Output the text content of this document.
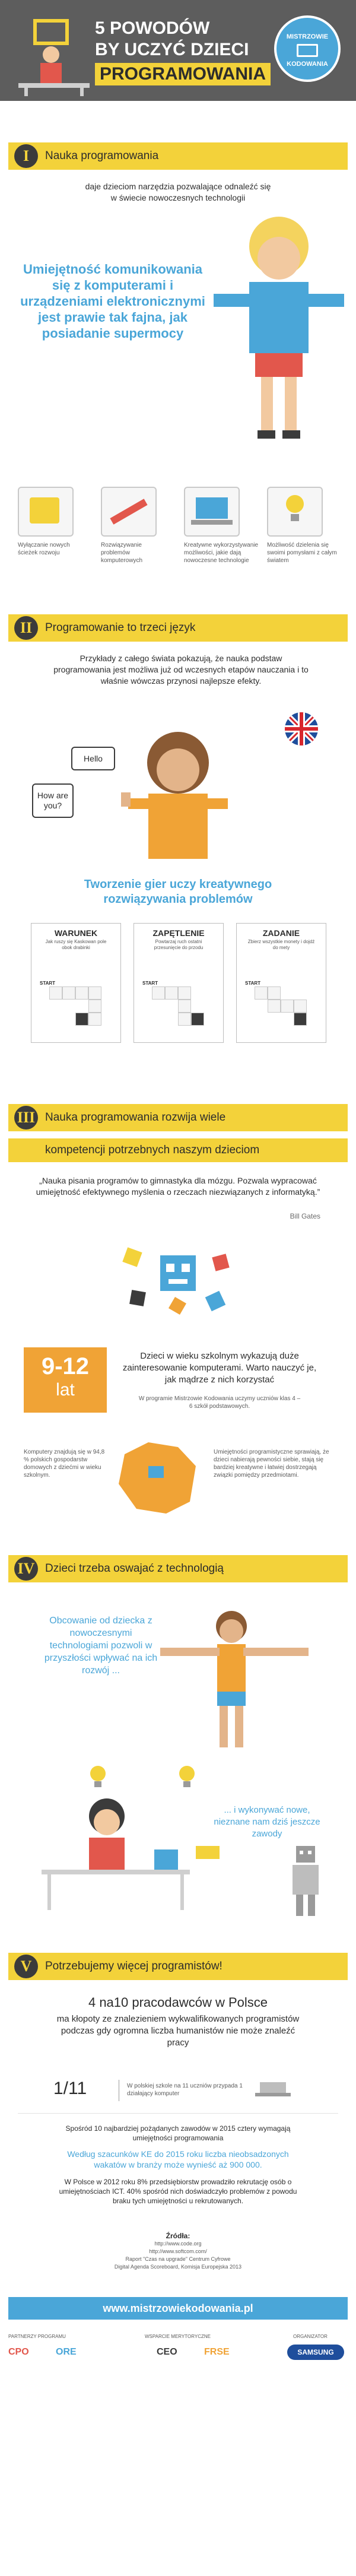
5 POWODÓW
BY UCZYĆ DZIECI
PROGRAMOWANIA
MISTRZOWIE
KODOWANIA
I	Nauka programowania
daje dzieciom narzędzia pozwalające odnaleźć się w świecie nowoczesnych technologii
Umiejętność komunikowania się z komputerami i urządzeniami elektronicznymi jest prawie tak fajna, jak posiadanie supermocy
Wyłączanie nowych ścieżek rozwoju
Rozwiązywanie problemów komputerowych
Kreatywne wykorzystywanie możliwości, jakie dają nowoczesne technologie
Możliwość dzielenia się swoimi pomysłami z całym światem
II	Programowanie to trzeci język
Przykłady z całego świata pokazują, że nauka podstaw programowania jest możliwa już od wczesnych etapów nauczania i to właśnie wówczas przynosi najlepsze efekty.
Hello
How are you?
Tworzenie gier uczy kreatywnego rozwiązywania problemów
WARUNEK
Jak ruszy się Kaskowan pole obok drabinki
START
ZAPĘTLENIE
Powtarzaj ruch ostatni przesunięcie do przodu
START
ZADANIE
Zbierz wszystkie monety i dojdź do mety
START
III Nauka programowania rozwija wiele
kompetencji potrzebnych naszym dzieciom
„Nauka pisania programów to gimnastyka dla mózgu. Pozwala wypracować umiejętność efektywnego myślenia o rzeczach niezwiązanych z informatyką.”
Bill Gates
9-12
lat
Dzieci w wieku szkolnym wykazują duże zainteresowanie komputerami. Warto nauczyć je, jak mądrze z nich korzystać
W programie Mistrzowie Kodowania uczymy uczniów klas 4 – 6 szkół podstawowych.
Komputery znajdują się w 94,8 % polskich gospodarstw domowych z dziećmi w wieku szkolnym.
Umiejętności programistyczne sprawiają, że dzieci nabierają pewności siebie, stają się bardziej kreatywne i łatwiej dostrzegają związki pomiędzy przedmiotami.
IV Dzieci trzeba oswajać z technologią
Obcowanie od dziecka z nowoczesnymi technologiami pozwoli w przyszłości wpływać na ich rozwój ...
... i wykonywać nowe, nieznane nam dziś jeszcze zawody
V	Potrzebujemy więcej programistów!
4 na10 pracodawców w Polsce
ma kłopoty ze znalezieniem wykwalifikowanych programistów podczas gdy ogromna liczba humanistów nie może znaleźć pracy
1/11	W polskiej szkole na 11 uczniów przypada 1 działający komputer
Spośród 10 najbardziej pożądanych zawodów w 2015 cztery wymagają umiejętności programowania
Według szacunków KE do 2015 roku liczba nieobsadzonych wakatów w branży może wynieść aż 900 000.
W Polsce w 2012 roku 8% przedsiębiorstw prowadziło rekrutację osób o umiejętnościach ICT. 40% spośród nich doświadczyło problemów z powodu braku tych umiejętności u rekrutowanych.
Źródła:
http://www.code.org
http://www.softcom.com/
Raport "Czas na upgrade" Centrum Cyfrowe
Digital Agenda Scoreboard, Komisja Europejska 2013
www.mistrzowiekodowania.pl
PARTNERZY PROGRAMU	WSPARCIE MERYTORYCZNE	ORGANIZATOR
CPO	ORE	CEO	FRSE	SAMSUNG
